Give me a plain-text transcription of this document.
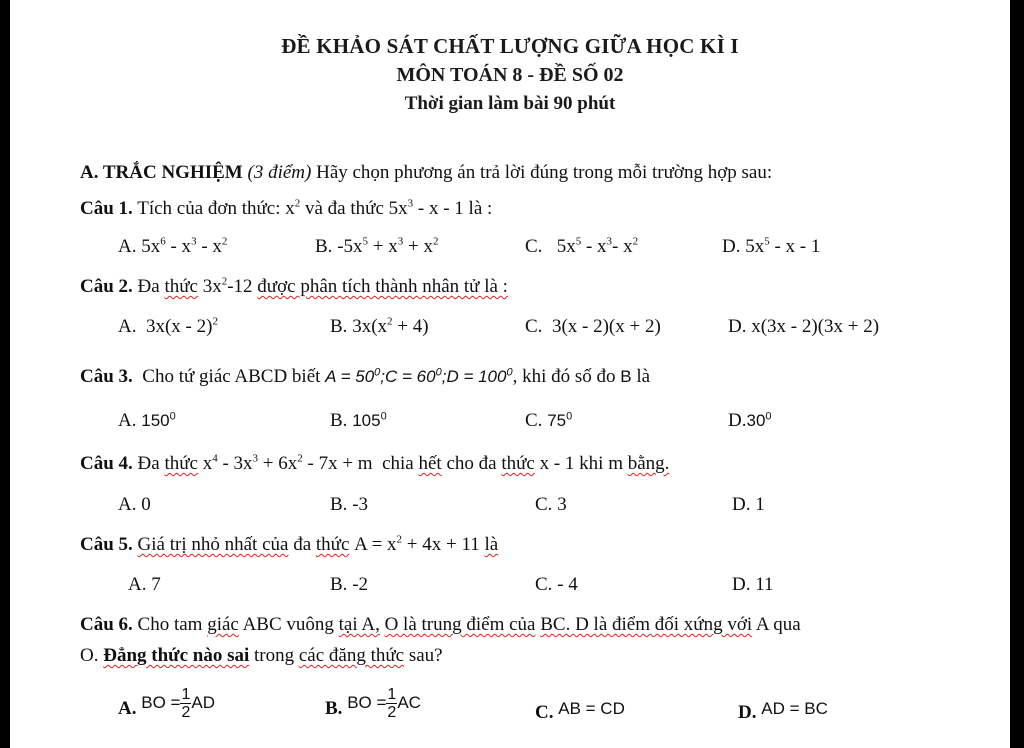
ĐỀ KHẢO SÁT CHẤT LƯỢNG GIỮA HỌC KÌ I
MÔN TOÁN 8 - ĐỀ SỐ 02
Thời gian làm bài 90 phút
A. TRẮC NGHIỆM (3 điểm) Hãy chọn phương án trả lời đúng trong mỗi trường hợp sau:
Câu 1. Tích của đơn thức: $x^2$ và đa thức $5x^3$ - x - 1 là :
A. $5x^6 - x^3 - x^2$	B. $-5x^5 + x^3 + x^2$	C. $5x^5 - x^3-$ $x^2$	D. $5x^5$ - x - 1
Câu 2. Đa thức $3x^2-12$ được phân tích thành nhân tử là :
A. 3x(x - 2)$^2$	B. $3x(x^2 + 4)$	C. 3(x - 2)(x + 2)	D. x(3x - 2)(3x + 2)
Câu 3. Cho tứ giác ABCD biết $A = 50^0;C$ = $60^0;D = 100^0$, khi đó số đo B là
A. $150^0$	B. $105^0$	C. $75^0$	$D.30^0$
Câu 4. Đa thức $x^4 - 3x^3 + 6x^2 - 7x + m$ chia hết cho đa thức x - 1 khi m bằng.
A. 0	B. -3	C. 3	D. 1
Câu 5. Giá trị nhỏ nhất của đa thức $A = x^2 + 4x + 11$ là
A. 7	B. -2	C. - 4	D. 11
Câu 6. Cho tam giác ABC vuông tại A, O là trung điểm của BC. D là điểm đối xứng với A qua
O. Đẳng thức nào sai trong các đăng thức sau?
A. BO = $\frac{1}{2}$ AD	B. BO = $\frac{1}{2}$ AC	C. AB = CD	D. AD = BC
